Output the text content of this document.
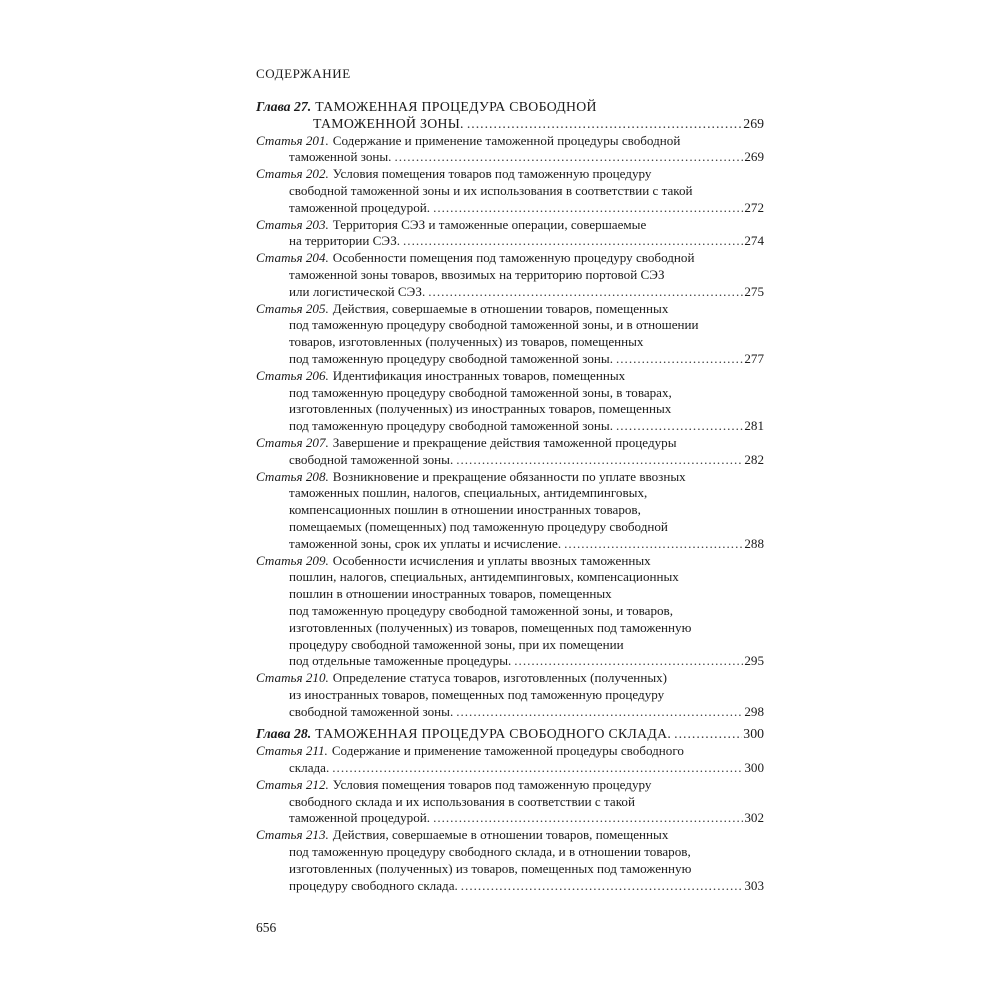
СОДЕРЖАНИЕ
Глава 27. ТАМОЖЕННАЯ ПРОЦЕДУРА СВОБОДНОЙ
ТАМОЖЕННОЙ ЗОНЫ. .....	269
Статья 201. Содержание и применение таможенной процедуры свободной
таможенной зоны. .....	269
Статья 202. Условия помещения товаров под таможенную процедуру
свободной таможенной зоны и их использования в соответствии с такой
таможенной процедурой. .....	272
Статья 203. Территория СЭЗ и таможенные операции, совершаемые
на территории СЭЗ. .....	274
Статья 204. Особенности помещения под таможенную процедуру свободной
таможенной зоны товаров, ввозимых на территорию портовой СЭЗ
или логистической СЭЗ. .....	275
Статья 205. Действия, совершаемые в отношении товаров, помещенных
под таможенную процедуру свободной таможенной зоны, и в отношении
товаров, изготовленных (полученных) из товаров, помещенных
под таможенную процедуру свободной таможенной зоны. .....	277
Статья 206. Идентификация иностранных товаров, помещенных
под таможенную процедуру свободной таможенной зоны, в товарах,
изготовленных (полученных) из иностранных товаров, помещенных
под таможенную процедуру свободной таможенной зоны. .....	281
Статья 207. Завершение и прекращение действия таможенной процедуры
свободной таможенной зоны. .....	282
Статья 208. Возникновение и прекращение обязанности по уплате ввозных
таможенных пошлин, налогов, специальных, антидемпинговых,
компенсационных пошлин в отношении иностранных товаров,
помещаемых (помещенных) под таможенную процедуру свободной
таможенной зоны, срок их уплаты и исчисление. .....	288
Статья 209. Особенности исчисления и уплаты ввозных таможенных
пошлин, налогов, специальных, антидемпинговых, компенсационных
пошлин в отношении иностранных товаров, помещенных
под таможенную процедуру свободной таможенной зоны, и товаров,
изготовленных (полученных) из товаров, помещенных под таможенную
процедуру свободной таможенной зоны, при их помещении
под отдельные таможенные процедуры. .....	295
Статья 210. Определение статуса товаров, изготовленных (полученных)
из иностранных товаров, помещенных под таможенную процедуру
свободной таможенной зоны. .....	298
Глава 28. ТАМОЖЕННАЯ ПРОЦЕДУРА СВОБОДНОГО СКЛАДА. .....	300
Статья 211. Содержание и применение таможенной процедуры свободного
склада. .....	300
Статья 212. Условия помещения товаров под таможенную процедуру
свободного склада и их использования в соответствии с такой
таможенной процедурой. .....	302
Статья 213. Действия, совершаемые в отношении товаров, помещенных
под таможенную процедуру свободного склада, и в отношении товаров,
изготовленных (полученных) из товаров, помещенных под таможенную
процедуру свободного склада. .....	303
656
